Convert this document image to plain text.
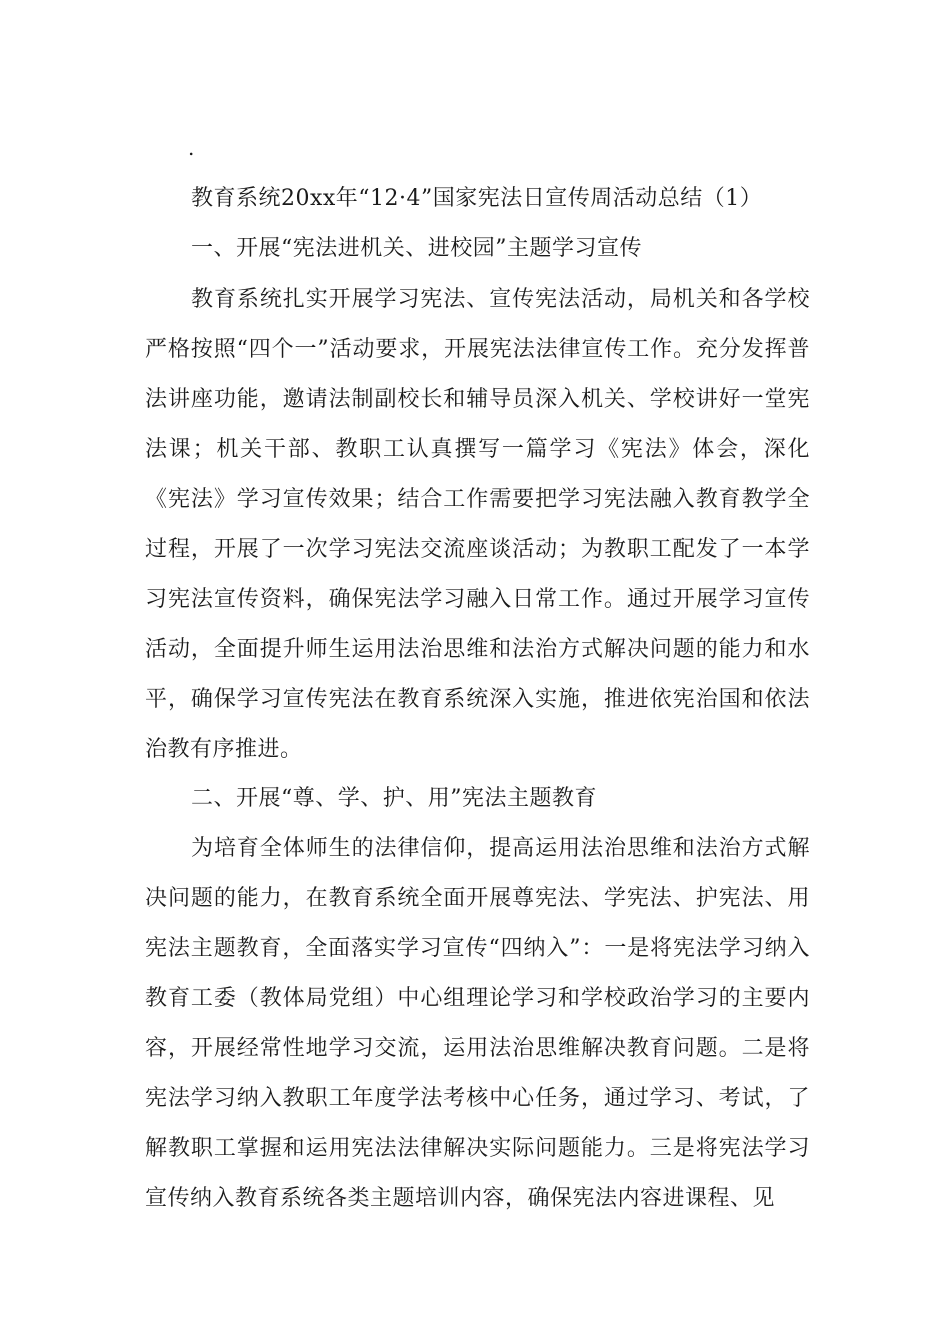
.
教育系统20xx年“12·4”国家宪法日宣传周活动总结（1）
一、开展“宪法进机关、进校园”主题学习宣传
教育系统扎实开展学习宪法、宣传宪法活动，局机关和各学校严格按照“四个一”活动要求，开展宪法法律宣传工作。充分发挥普法讲座功能，邀请法制副校长和辅导员深入机关、学校讲好一堂宪法课；机关干部、教职工认真撰写一篇学习《宪法》体会，深化《宪法》学习宣传效果；结合工作需要把学习宪法融入教育教学全过程，开展了一次学习宪法交流座谈活动；为教职工配发了一本学习宪法宣传资料，确保宪法学习融入日常工作。通过开展学习宣传活动，全面提升师生运用法治思维和法治方式解决问题的能力和水平，确保学习宣传宪法在教育系统深入实施，推进依宪治国和依法治教有序推进。
二、开展“尊、学、护、用”宪法主题教育
为培育全体师生的法律信仰，提高运用法治思维和法治方式解决问题的能力，在教育系统全面开展尊宪法、学宪法、护宪法、用宪法主题教育，全面落实学习宣传“四纳入”：一是将宪法学习纳入教育工委（教体局党组）中心组理论学习和学校政治学习的主要内容，开展经常性地学习交流，运用法治思维解决教育问题。二是将宪法学习纳入教职工年度学法考核中心任务，通过学习、考试，了解教职工掌握和运用宪法法律解决实际问题能力。三是将宪法学习宣传纳入教育系统各类主题培训内容，确保宪法内容进课程、见
